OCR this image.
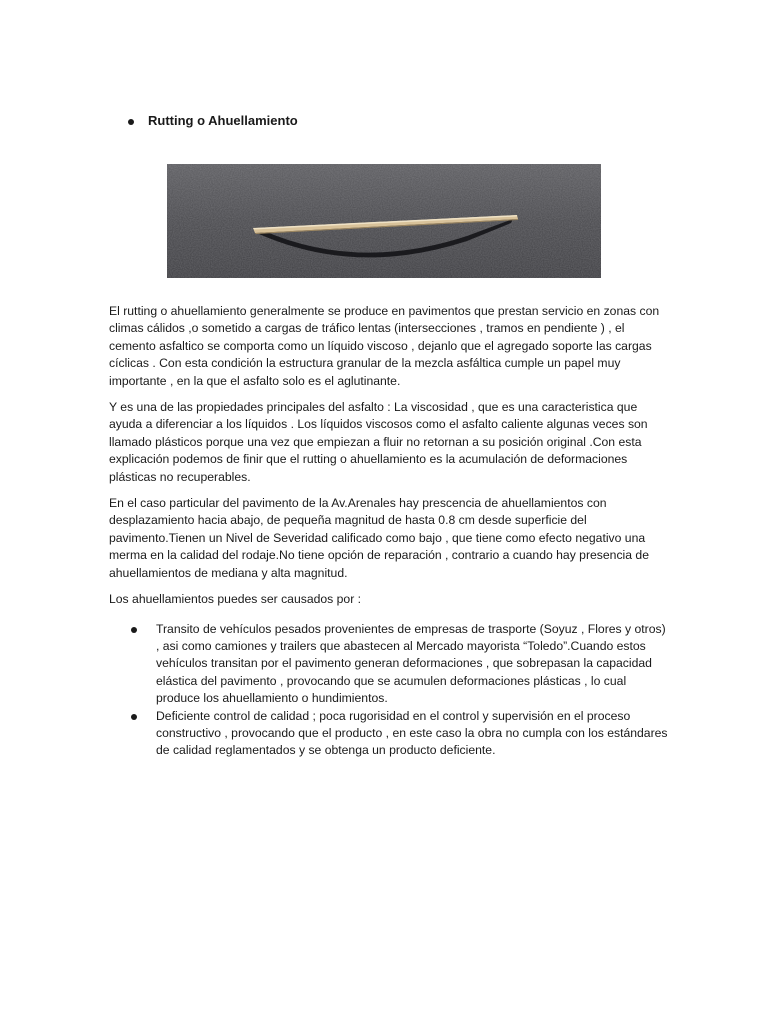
Rutting o Ahuellamiento

El rutting o ahuellamiento generalmente se produce en pavimentos que prestan servicio en zonas con climas cálidos ,o sometido a cargas de tráfico lentas (intersecciones , tramos en pendiente ) , el cemento asfaltico se comporta como un líquido viscoso , dejanlo que el agregado soporte las cargas cíclicas . Con esta condición la estructura granular de la mezcla asfáltica cumple un papel muy importante , en la que el asfalto solo es el aglutinante.

Y es una de las propiedades principales del asfalto : La viscosidad , que es una caracteristica que ayuda a diferenciar a los líquidos . Los líquidos viscosos como el asfalto caliente algunas veces son llamado plásticos porque una vez que empiezan a fluir no retornan a su posición original .Con esta explicación podemos de finir que el rutting o ahuellamiento es la acumulación de deformaciones plásticas no recuperables.

En el caso particular del pavimento de la Av.Arenales hay prescencia de ahuellamientos con desplazamiento hacia abajo, de pequeña magnitud de hasta 0.8 cm desde superficie del pavimento.Tienen un Nivel de Severidad calificado como bajo , que tiene como efecto negativo una merma en la calidad del rodaje.No tiene opción de reparación , contrario a cuando hay presencia de ahuellamientos de mediana y alta magnitud.

Los ahuellamientos puedes ser causados por :

Transito de vehículos pesados provenientes de empresas de trasporte (Soyuz , Flores y otros) , asi como camiones y trailers que abastecen al Mercado mayorista “Toledo”.Cuando estos vehículos transitan por el pavimento generan deformaciones , que sobrepasan la capacidad elástica del pavimento , provocando que se acumulen deformaciones plásticas , lo cual produce los ahuellamiento o hundimientos.
Deficiente control de calidad ; poca rugorisidad en el control y supervisión en el proceso constructivo , provocando que el producto , en este caso la obra no cumpla con los estándares de calidad reglamentados y se obtenga un producto deficiente.
